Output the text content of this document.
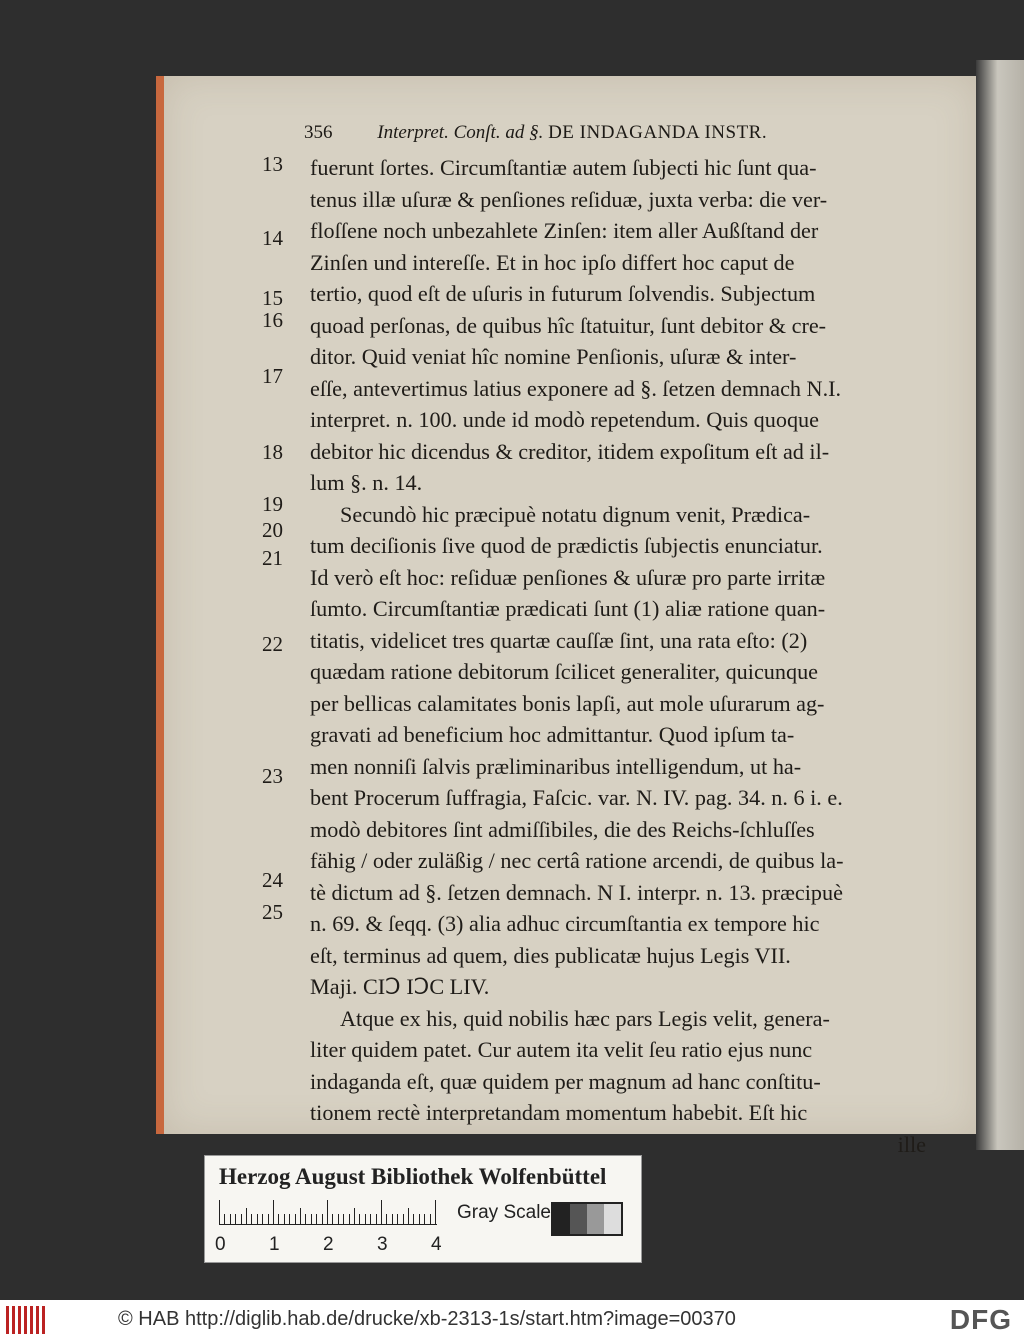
356 Interpret. Conſt. ad §. DE INDAGANDA INSTR.
fuerunt ſortes. Circumſtantiæ autem ſubjecti hic ſunt qua-
tenus illæ uſuræ & penſiones reſiduæ, juxta verba: die ver-
floſſene noch unbezahlete Zinſen: item aller Außſtand der
Zinſen und intereſſe. Et in hoc ipſo differt hoc caput de
tertio, quod eſt de uſuris in futurum ſolvendis. Subjectum
quoad perſonas, de quibus hîc ſtatuitur, ſunt debitor & cre-
ditor. Quid veniat hîc nomine Penſionis, uſuræ & inter-
eſſe, antevertimus latius exponere ad §. ſetzen demnach N.I.
interpret. n. 100. unde id modò repetendum. Quis quoque
debitor hic dicendus & creditor, itidem expoſitum eſt ad il-
lum §. n. 14.
Secundò hic præcipuè notatu dignum venit, Prædica-
tum deciſionis ſive quod de prædictis ſubjectis enunciatur.
Id verò eſt hoc: reſiduæ penſiones & uſuræ pro parte irritæ
ſumto. Circumſtantiæ prædicati ſunt (1) aliæ ratione quan-
titatis, videlicet tres quartæ cauſſæ ſint, una rata eſto: (2)
quædam ratione debitorum ſcilicet generaliter, quicunque
per bellicas calamitates bonis lapſi, aut mole uſurarum ag-
gravati ad beneficium hoc admittantur. Quod ipſum ta-
men nonniſi ſalvis præliminaribus intelligendum, ut ha-
bent Procerum ſuffragia, Faſcic. var. N. IV. pag. 34. n. 6 i. e.
modò debitores ſint admiſſibiles, die des Reichs-ſchluſſes
fähig / oder zuläßig / nec certâ ratione arcendi, de quibus la-
tè dictum ad §. ſetzen demnach. N I. interpr. n. 13. præcipuè
n. 69. & ſeqq. (3) alia adhuc circumſtantia ex tempore hic
eſt, terminus ad quem, dies publicatæ hujus Legis VII.
Maji. CIↃ IↃC LIV.
Atque ex his, quid nobilis hæc pars Legis velit, genera-
liter quidem patet. Cur autem ita velit ſeu ratio ejus nunc
indaganda eſt, quæ quidem per magnum ad hanc conſtitu-
tionem rectè interpretandam momentum habebit. Eſt hic
ille
13
14
15
16
17
18
19
20
21
22
23
24
25
Herzog August Bibliothek Wolfenbüttel
0 1 2 3 4
Gray Scale
© HAB http://diglib.hab.de/drucke/xb-2313-1s/start.htm?image=00370	DFG
